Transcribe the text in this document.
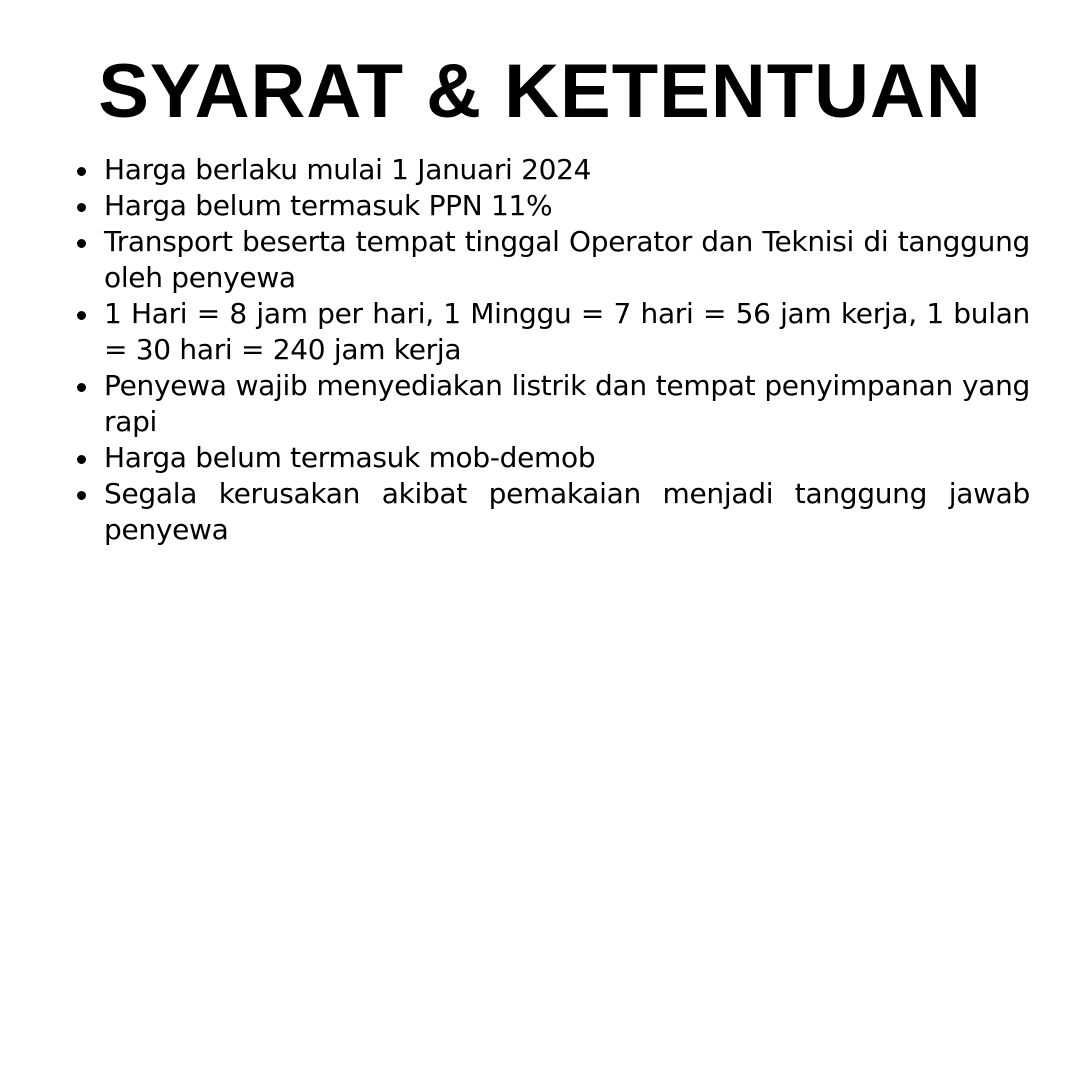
SYARAT & KETENTUAN
Harga berlaku mulai 1 Januari 2024
Harga belum termasuk PPN 11%
Transport beserta tempat tinggal Operator dan Teknisi di tanggung oleh penyewa
1 Hari = 8 jam per hari, 1 Minggu = 7 hari = 56 jam kerja, 1 bulan = 30 hari = 240 jam kerja
Penyewa wajib menyediakan listrik dan tempat penyimpanan yang rapi
Harga belum termasuk mob-demob
Segala kerusakan akibat pemakaian menjadi tanggung jawab penyewa
